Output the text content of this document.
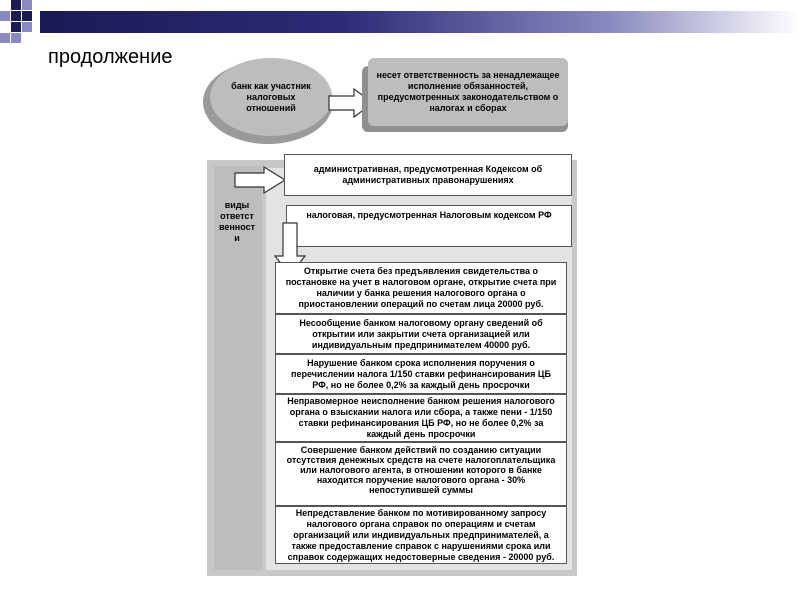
продолжение
банк как участник налоговых отношений
несет ответственность за ненадлежащее исполнение обязанностей, предусмотренных законодательством о налогах и сборах
виды ответст венност и
административная, предусмотренная Кодексом об административных правонарушениях
налоговая, предусмотренная Налоговым кодексом РФ
Открытие счета без предъявления свидетельства о постановке на учет в налоговом органе, открытие счета при наличии у банка решения налогового органа о приостановлении операций по счетам лица 20000 руб.
Несообщение банком налоговому органу сведений об открытии или закрытии счета организацией или индивидуальным предпринимателем 40000 руб.
Нарушение банком срока исполнения поручения о перечислении налога 1/150 ставки рефинансирования ЦБ РФ, но не более 0,2% за каждый день просрочки
Неправомерное неисполнение банком решения налогового органа о взыскании налога или сбора, а также пени - 1/150 ставки рефинансирования ЦБ РФ, но не более 0,2% за каждый день просрочки
Совершение банком действий по созданию ситуации отсутствия денежных средств на счете налогоплательщика или налогового агента, в отношении которого в банке находится поручение налогового органа - 30% непоступившей суммы
Непредставление банком по мотивированному запросу налогового органа справок по операциям и счетам организаций или индивидуальных предпринимателей, а также предоставление справок с нарушениями срока или справок содержащих недостоверные сведения - 20000 руб.
